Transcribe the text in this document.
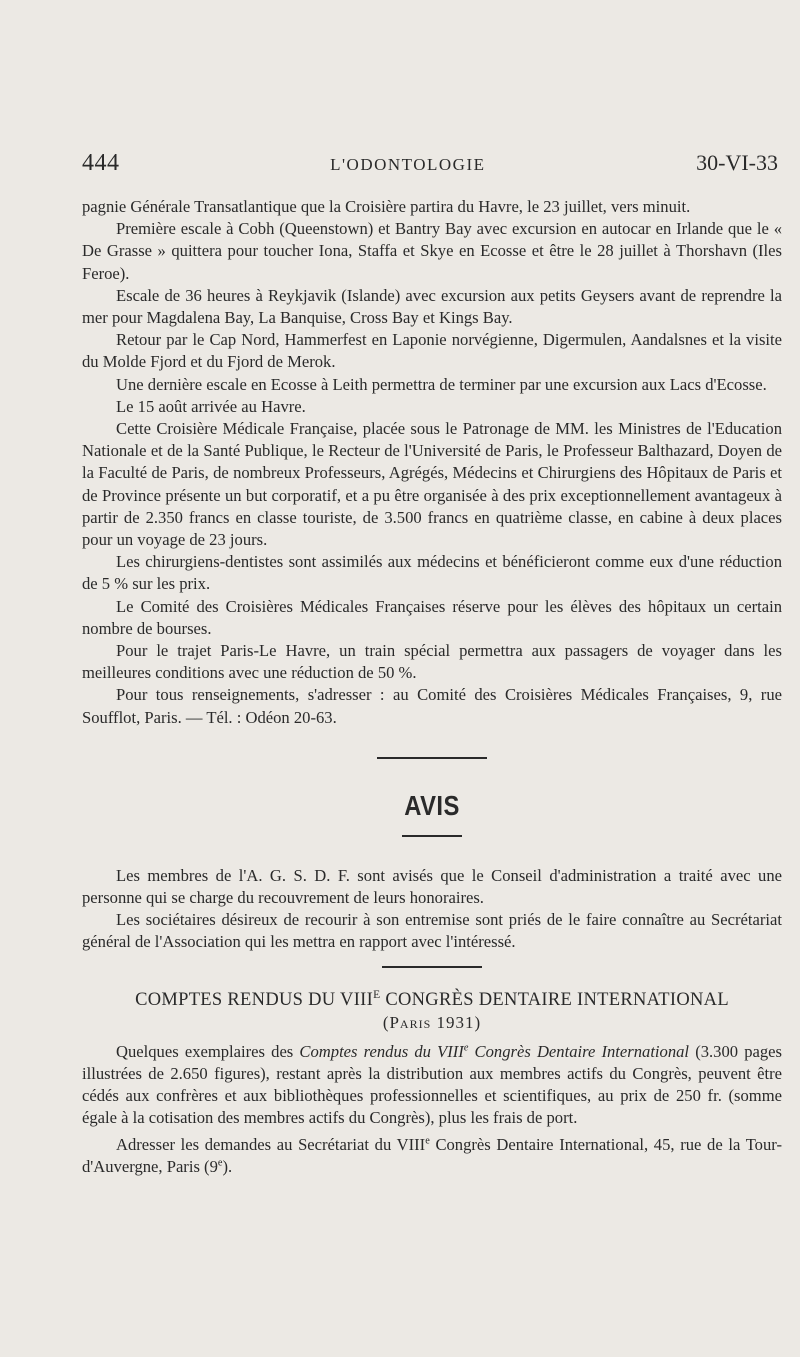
444	L'ODONTOLOGIE	30-VI-33

pagnie Générale Transatlantique que la Croisière partira du Havre, le 23 juillet, vers minuit.

Première escale à Cobh (Queenstown) et Bantry Bay avec excursion en autocar en Irlande que le « De Grasse » quittera pour toucher Iona, Staffa et Skye en Ecosse et être le 28 juillet à Thorshavn (Iles Feroe).

Escale de 36 heures à Reykjavik (Islande) avec excursion aux petits Geysers avant de reprendre la mer pour Magdalena Bay, La Banquise, Cross Bay et Kings Bay.

Retour par le Cap Nord, Hammerfest en Laponie norvégienne, Digermulen, Aandalsnes et la visite du Molde Fjord et du Fjord de Merok.

Une dernière escale en Ecosse à Leith permettra de terminer par une excursion aux Lacs d'Ecosse.

Le 15 août arrivée au Havre.

Cette Croisière Médicale Française, placée sous le Patronage de MM. les Ministres de l'Education Nationale et de la Santé Publique, le Recteur de l'Université de Paris, le Professeur Balthazard, Doyen de la Faculté de Paris, de nombreux Professeurs, Agrégés, Médecins et Chirurgiens des Hôpitaux de Paris et de Province présente un but corporatif, et a pu être organisée à des prix exceptionnellement avantageux à partir de 2.350 francs en classe touriste, de 3.500 francs en quatrième classe, en cabine à deux places pour un voyage de 23 jours.

Les chirurgiens-dentistes sont assimilés aux médecins et bénéficieront comme eux d'une réduction de 5 % sur les prix.

Le Comité des Croisières Médicales Françaises réserve pour les élèves des hôpitaux un certain nombre de bourses.

Pour le trajet Paris-Le Havre, un train spécial permettra aux passagers de voyager dans les meilleures conditions avec une réduction de 50 %.

Pour tous renseignements, s'adresser : au Comité des Croisières Médicales Françaises, 9, rue Soufflot, Paris. — Tél. : Odéon 20-63.

AVIS

Les membres de l'A. G. S. D. F. sont avisés que le Conseil d'administration a traité avec une personne qui se charge du recouvrement de leurs honoraires.

Les sociétaires désireux de recourir à son entremise sont priés de le faire connaître au Secrétariat général de l'Association qui les mettra en rapport avec l'intéressé.

COMPTES RENDUS DU $VIII^E$ CONGRÈS DENTAIRE INTERNATIONAL
(Paris 1931)

Quelques exemplaires des Comptes rendus du VIIIe Congrès Dentaire International (3.300 pages illustrées de 2.650 figures), restant après la distribution aux membres actifs du Congrès, peuvent être cédés aux confrères et aux bibliothèques professionnelles et scientifiques, au prix de 250 fr. (somme égale à la cotisation des membres actifs du Congrès), plus les frais de port.

Adresser les demandes au Secrétariat du VIIIe Congrès Dentaire International, 45, rue de la Tour-d'Auvergne, Paris (9e).
